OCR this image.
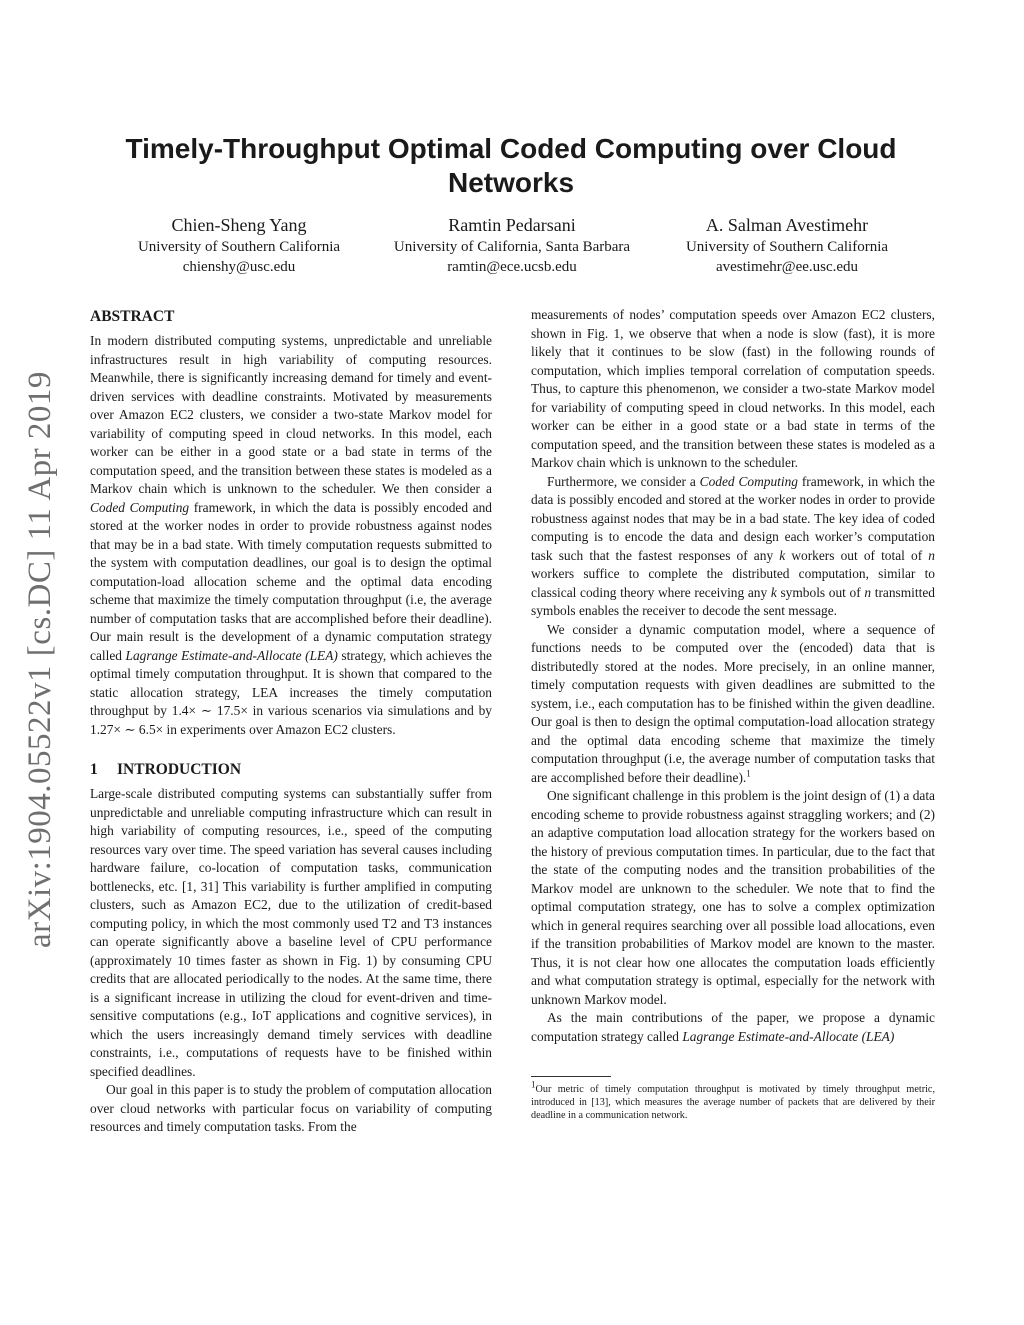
arXiv:1904.05522v1 [cs.DC] 11 Apr 2019
Timely-Throughput Optimal Coded Computing over Cloud Networks
Chien-Sheng Yang
University of Southern California
chienshy@usc.edu
Ramtin Pedarsani
University of California, Santa Barbara
ramtin@ece.ucsb.edu
A. Salman Avestimehr
University of Southern California
avestimehr@ee.usc.edu
ABSTRACT

In modern distributed computing systems, unpredictable and unreliable infrastructures result in high variability of computing resources. Meanwhile, there is significantly increasing demand for timely and event-driven services with deadline constraints. Motivated by measurements over Amazon EC2 clusters, we consider a two-state Markov model for variability of computing speed in cloud networks. In this model, each worker can be either in a good state or a bad state in terms of the computation speed, and the transition between these states is modeled as a Markov chain which is unknown to the scheduler. We then consider a Coded Computing framework, in which the data is possibly encoded and stored at the worker nodes in order to provide robustness against nodes that may be in a bad state. With timely computation requests submitted to the system with computation deadlines, our goal is to design the optimal computation-load allocation scheme and the optimal data encoding scheme that maximize the timely computation throughput (i.e, the average number of computation tasks that are accomplished before their deadline). Our main result is the development of a dynamic computation strategy called Lagrange Estimate-and-Allocate (LEA) strategy, which achieves the optimal timely computation throughput. It is shown that compared to the static allocation strategy, LEA increases the timely computation throughput by 1.4× ∼ 17.5× in various scenarios via simulations and by 1.27× ∼ 6.5× in experiments over Amazon EC2 clusters.

1 INTRODUCTION

Large-scale distributed computing systems can substantially suffer from unpredictable and unreliable computing infrastructure which can result in high variability of computing resources, i.e., speed of the computing resources vary over time. The speed variation has several causes including hardware failure, co-location of computation tasks, communication bottlenecks, etc. [1, 31] This variability is further amplified in computing clusters, such as Amazon EC2, due to the utilization of credit-based computing policy, in which the most commonly used T2 and T3 instances can operate significantly above a baseline level of CPU performance (approximately 10 times faster as shown in Fig. 1) by consuming CPU credits that are allocated periodically to the nodes. At the same time, there is a significant increase in utilizing the cloud for event-driven and time-sensitive computations (e.g., IoT applications and cognitive services), in which the users increasingly demand timely services with deadline constraints, i.e., computations of requests have to be finished within specified deadlines.

Our goal in this paper is to study the problem of computation allocation over cloud networks with particular focus on variability of computing resources and timely computation tasks. From the

measurements of nodes’ computation speeds over Amazon EC2 clusters, shown in Fig. 1, we observe that when a node is slow (fast), it is more likely that it continues to be slow (fast) in the following rounds of computation, which implies temporal correlation of computation speeds. Thus, to capture this phenomenon, we consider a two-state Markov model for variability of computing speed in cloud networks. In this model, each worker can be either in a good state or a bad state in terms of the computation speed, and the transition between these states is modeled as a Markov chain which is unknown to the scheduler.

Furthermore, we consider a Coded Computing framework, in which the data is possibly encoded and stored at the worker nodes in order to provide robustness against nodes that may be in a bad state. The key idea of coded computing is to encode the data and design each worker’s computation task such that the fastest responses of any k workers out of total of n workers suffice to complete the distributed computation, similar to classical coding theory where receiving any k symbols out of n transmitted symbols enables the receiver to decode the sent message.

We consider a dynamic computation model, where a sequence of functions needs to be computed over the (encoded) data that is distributedly stored at the nodes. More precisely, in an online manner, timely computation requests with given deadlines are submitted to the system, i.e., each computation has to be finished within the given deadline. Our goal is then to design the optimal computation-load allocation strategy and the optimal data encoding scheme that maximize the timely computation throughput (i.e, the average number of computation tasks that are accomplished before their deadline).$^1$

One significant challenge in this problem is the joint design of (1) a data encoding scheme to provide robustness against straggling workers; and (2) an adaptive computation load allocation strategy for the workers based on the history of previous computation times. In particular, due to the fact that the state of the computing nodes and the transition probabilities of the Markov model are unknown to the scheduler. We note that to find the optimal computation strategy, one has to solve a complex optimization which in general requires searching over all possible load allocations, even if the transition probabilities of Markov model are known to the master. Thus, it is not clear how one allocates the computation loads efficiently and what computation strategy is optimal, especially for the network with unknown Markov model.

As the main contributions of the paper, we propose a dynamic computation strategy called Lagrange Estimate-and-Allocate (LEA)

$^1$Our metric of timely computation throughput is motivated by timely throughput metric, introduced in [13], which measures the average number of packets that are delivered by their deadline in a communication network.
